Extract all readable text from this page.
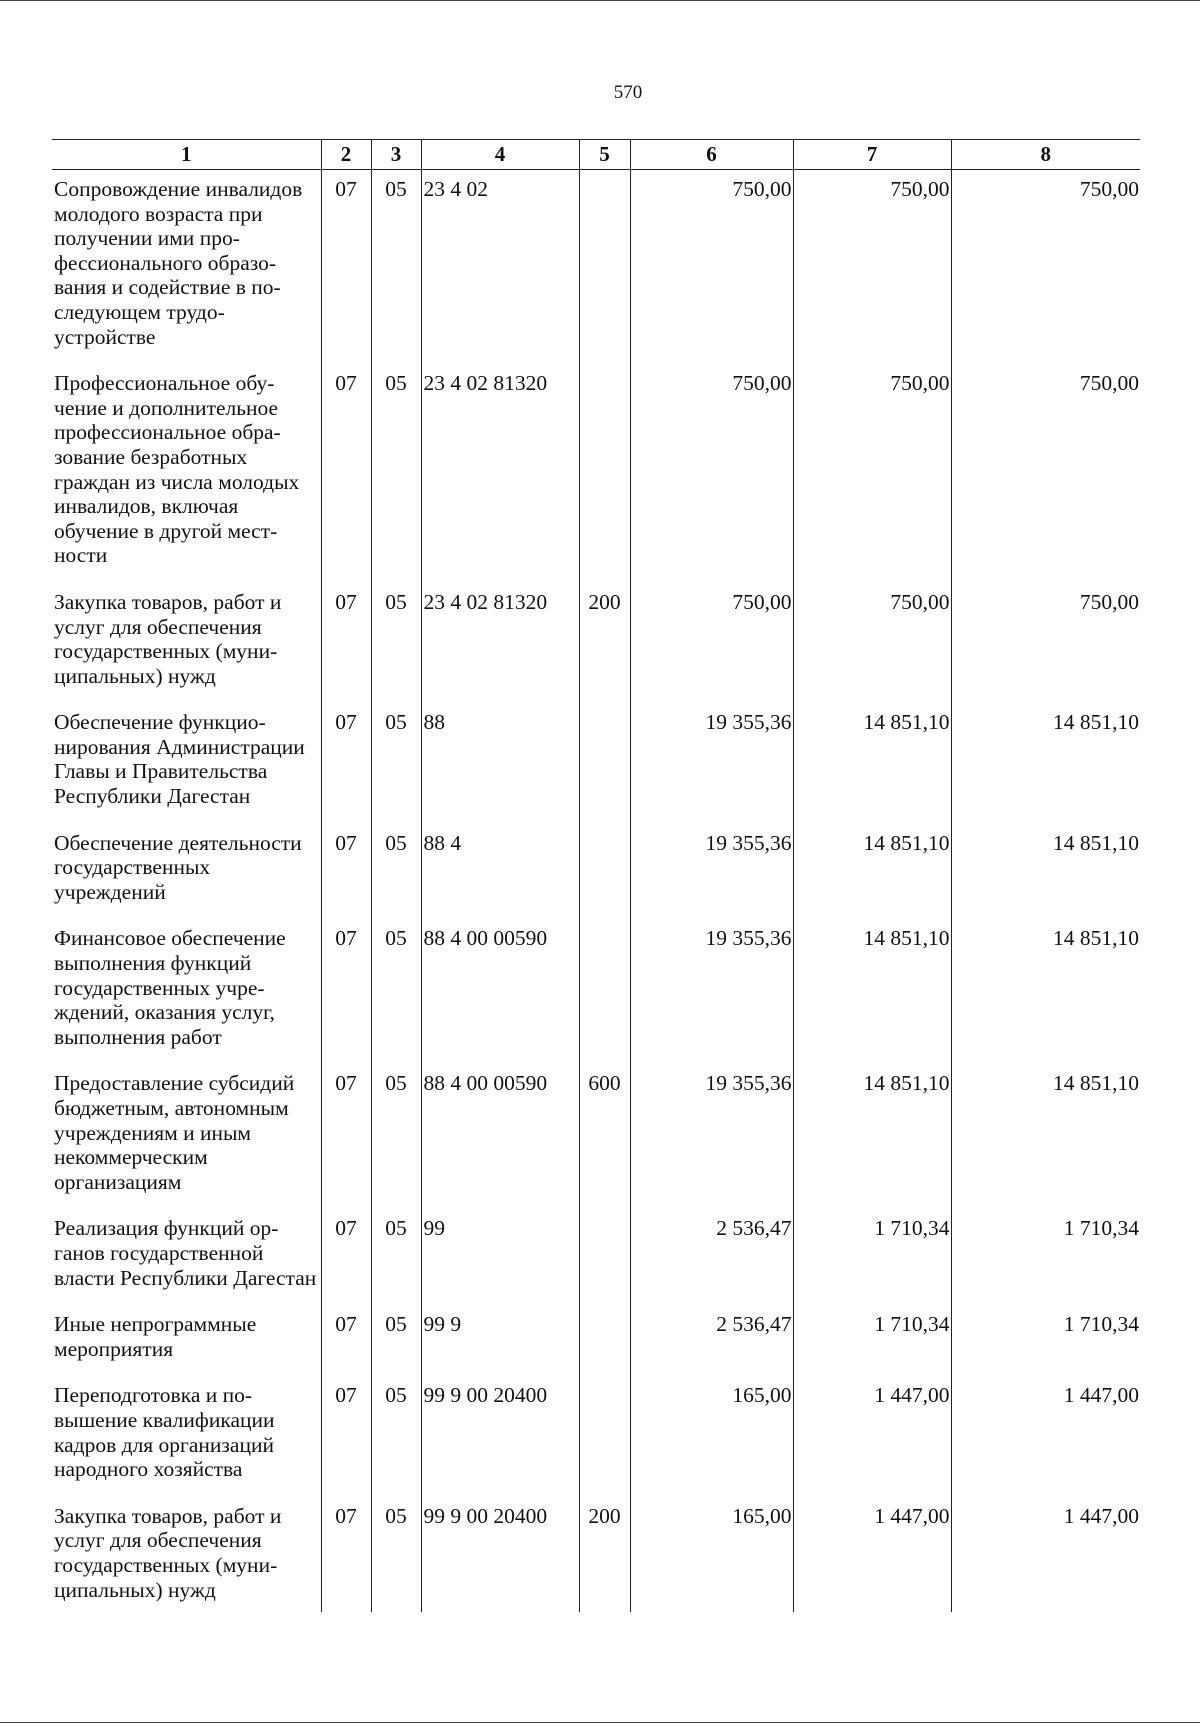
570
1	2	3	4	5	6	7	8
Сопровождение инвалидов молодого возраста при получении ими профессионального образования и содействие в последующем трудоустройстве	07	05	23 4 02		750,00	750,00	750,00
Профессиональное обучение и дополнительное профессиональное образование безработных граждан из числа молодых инвалидов, включая обучение в другой местности	07	05	23 4 02 81320		750,00	750,00	750,00
Закупка товаров, работ и услуг для обеспечения государственных (муниципальных) нужд	07	05	23 4 02 81320	200	750,00	750,00	750,00
Обеспечение функционирования Администрации Главы и Правительства Республики Дагестан	07	05	88		19 355,36	14 851,10	14 851,10
Обеспечение деятельности государственных учреждений	07	05	88 4		19 355,36	14 851,10	14 851,10
Финансовое обеспечение выполнения функций государственных учреждений, оказания услуг, выполнения работ	07	05	88 4 00 00590		19 355,36	14 851,10	14 851,10
Предоставление субсидий бюджетным, автономным учреждениям и иным некоммерческим организациям	07	05	88 4 00 00590	600	19 355,36	14 851,10	14 851,10
Реализация функций органов государственной власти Республики Дагестан	07	05	99		2 536,47	1 710,34	1 710,34
Иные непрограммные мероприятия	07	05	99 9		2 536,47	1 710,34	1 710,34
Переподготовка и повышение квалификации кадров для организаций народного хозяйства	07	05	99 9 00 20400		165,00	1 447,00	1 447,00
Закупка товаров, работ и услуг для обеспечения государственных (муниципальных) нужд	07	05	99 9 00 20400	200	165,00	1 447,00	1 447,00
